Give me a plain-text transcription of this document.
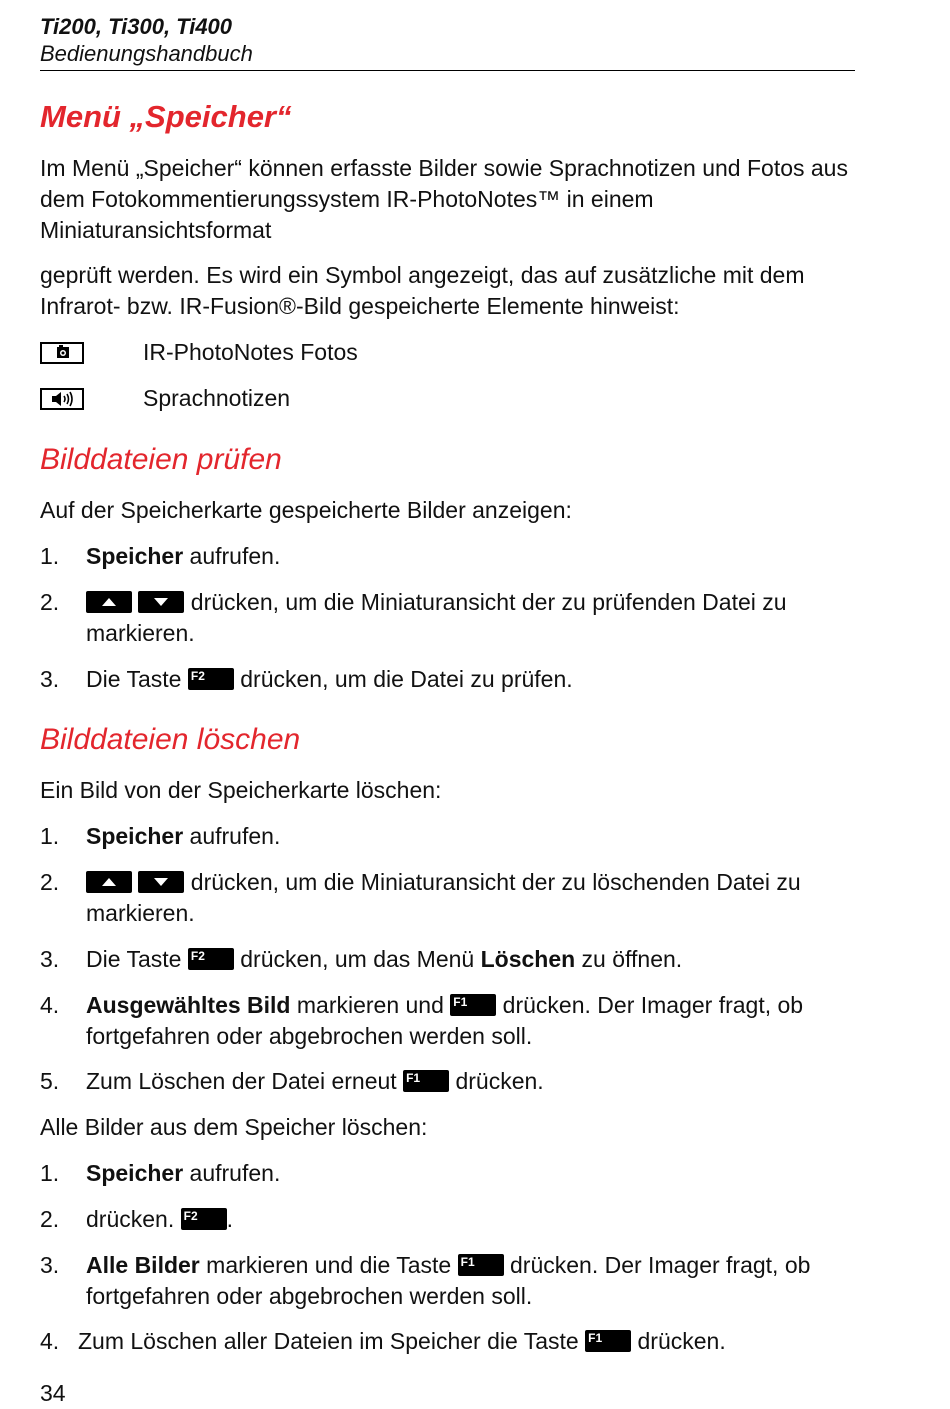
Ti200, Ti300, Ti400
Bedienungshandbuch
Menü „Speicher“
Im Menü „Speicher“ können erfasste Bilder sowie Sprachnotizen und Fotos aus dem Fotokommentierungssystem IR-PhotoNotes™ in einem Miniaturansichtsformat
geprüft werden. Es wird ein Symbol angezeigt, das auf zusätzliche mit dem Infrarot- bzw. IR-Fusion®-Bild gespeicherte Elemente hinweist:
IR-PhotoNotes Fotos
Sprachnotizen
Bilddateien prüfen
Auf der Speicherkarte gespeicherte Bilder anzeigen:
1. Speicher aufrufen.
2.
	drücken, um die Miniaturansicht der zu prüfenden Datei zu markieren.
3. Die Taste F2 drücken, um die Datei zu prüfen.
Bilddateien löschen
Ein Bild von der Speicherkarte löschen:
1. Speicher aufrufen.
2.
	drücken, um die Miniaturansicht der zu löschenden Datei zu markieren.
3. Die Taste F2 drücken, um das Menü Löschen zu öffnen.
4. Ausgewähltes Bild markieren und F1 drücken. Der Imager fragt, ob fortgefahren oder abgebrochen werden soll.
5. Zum Löschen der Datei erneut F1 drücken.
Alle Bilder aus dem Speicher löschen:
1. Speicher aufrufen.
2. drücken. F2 .
3. Alle Bilder markieren und die Taste F1 drücken. Der Imager fragt, ob fortgefahren oder abgebrochen werden soll.
4. Zum Löschen aller Dateien im Speicher die Taste F1 drücken.
34
